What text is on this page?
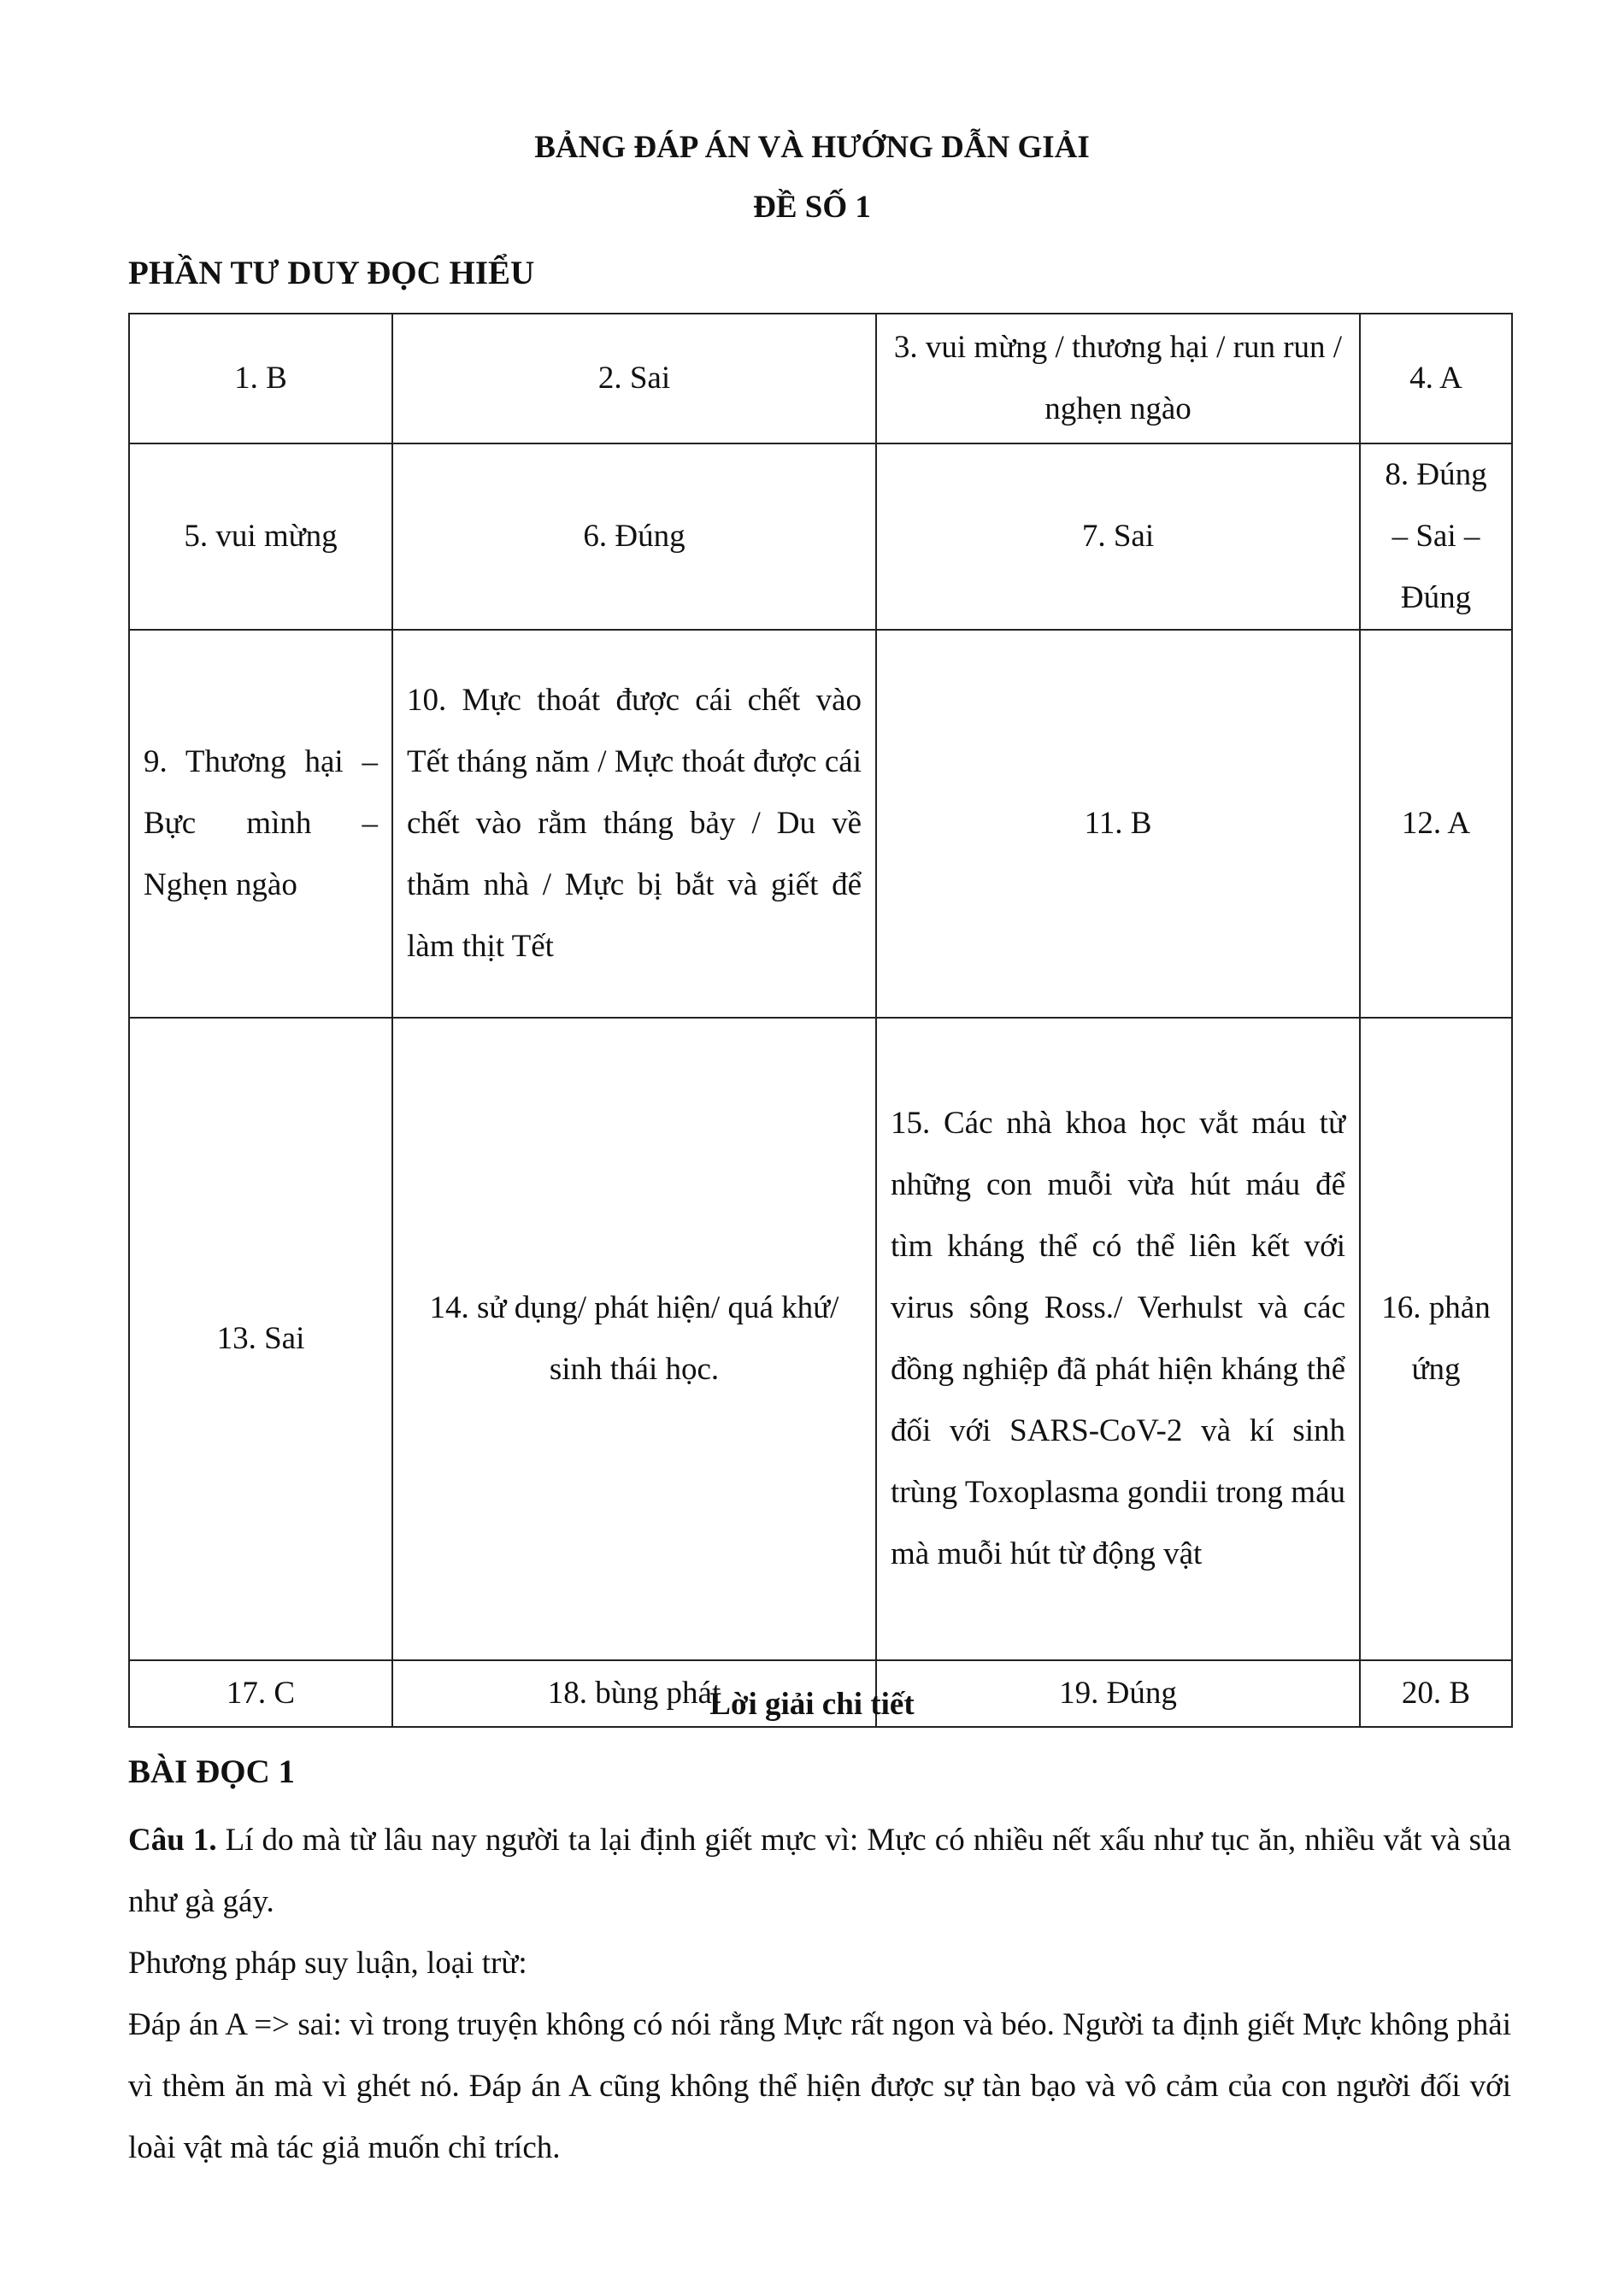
BẢNG ĐÁP ÁN VÀ HƯỚNG DẪN GIẢI
ĐỀ SỐ 1
PHẦN TƯ DUY ĐỌC HIỂU
1. B	2. Sai	3. vui mừng / thương hại / run run / nghẹn ngào	4. A
5. vui mừng	6. Đúng	7. Sai	8. Đúng – Sai – Đúng
9. Thương hại – Bực mình – Nghẹn ngào	10. Mực thoát được cái chết vào Tết tháng năm / Mực thoát được cái chết vào rằm tháng bảy / Du về thăm nhà / Mực bị bắt và giết để làm thịt Tết	11. B	12. A
13. Sai	14. sử dụng/ phát hiện/ quá khứ/ sinh thái học.	15. Các nhà khoa học vắt máu từ những con muỗi vừa hút máu để tìm kháng thể có thể liên kết với virus sông Ross./ Verhulst và các đồng nghiệp đã phát hiện kháng thể đối với SARS-CoV-2 và kí sinh trùng Toxoplasma gondii trong máu mà muỗi hút từ động vật	16. phản ứng
17. C	18. bùng phát	19. Đúng	20. B
Lời giải chi tiết
BÀI ĐỌC 1

Câu 1. Lí do mà từ lâu nay người ta lại định giết mực vì: Mực có nhiều nết xấu như tục ăn, nhiều vắt và sủa như gà gáy.

Phương pháp suy luận, loại trừ:

Đáp án A => sai: vì trong truyện không có nói rằng Mực rất ngon và béo. Người ta định giết Mực không phải vì thèm ăn mà vì ghét nó. Đáp án A cũng không thể hiện được sự tàn bạo và vô cảm của con người đối với loài vật mà tác giả muốn chỉ trích.
